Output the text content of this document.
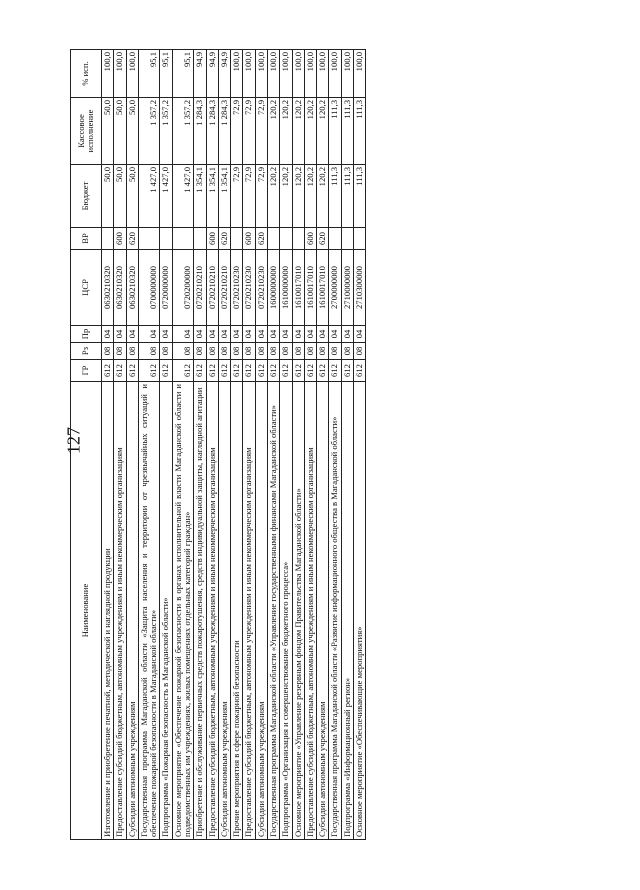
127
Наименование	ГР	Рз	Пр	ЦСР	ВР	Бюджет	Кассовое исполнение	% исп.
Изготовление и приобретение печатной, методической и наглядной продукции	612	08	04	0630210320		50,0	50,0	100,0
Предоставление субсидий бюджетным, автономным учреждениям и иным некоммерческим организациям	612	08	04	0630210320	600	50,0	50,0	100,0
Субсидии автономным учреждениям	612	08	04	0630210320	620	50,0	50,0	100,0
Государственная программа Магаданской области «Защита населения и территории от чрезвычайных ситуаций и обеспечение пожарной безопасности в Магаданской области»	612	08	04	0700000000		1 427,0	1 357,2	95,1
Подпрограмма «Пожарная безопасность в Магаданской области»	612	08	04	0720000000		1 427,0	1 357,2	95,1
Основное мероприятие «Обеспечение пожарной безопасности в органах исполнительной власти Магаданской области и подведомственных им учреждениях, жилых помещениях отдельных категорий граждан»	612	08	04	0720200000		1 427,0	1 357,2	95,1
Приобретение и обслуживание первичных средств пожаротушения, средств индивидуальной защиты, наглядной агитации	612	08	04	0720210210		1 354,1	1 284,3	94,9
Предоставление субсидий бюджетным, автономным учреждениям и иным некоммерческим организациям	612	08	04	0720210210	600	1 354,1	1 284,3	94,9
Субсидии автономным учреждениям	612	08	04	0720210210	620	1 354,1	1 284,3	94,9
Прочие мероприятия в сфере пожарной безопасности	612	08	04	0720210230		72,9	72,9	100,0
Предоставление субсидий бюджетным, автономным учреждениям и иным некоммерческим организациям	612	08	04	0720210230	600	72,9	72,9	100,0
Субсидии автономным учреждениям	612	08	04	0720210230	620	72,9	72,9	100,0
Государственная программа Магаданской области «Управление государственными финансами Магаданской области»	612	08	04	1600000000		120,2	120,2	100,0
Подпрограмма «Организация и совершенствование бюджетного процесса»	612	08	04	1610000000		120,2	120,2	100,0
Основное мероприятие «Управление резервным фондом Правительства Магаданской области»	612	08	04	1610017010		120,2	120,2	100,0
Предоставление субсидий бюджетным, автономным учреждениям и иным некоммерческим организациям	612	08	04	1610017010	600	120,2	120,2	100,0
Субсидии автономным учреждениям	612	08	04	1610017010	620	120,2	120,2	100,0
Государственная программа Магаданской области «Развитие информационного общества в Магаданской области»	612	08	04	2700000000		111,3	111,3	100,0
Подпрограмма «Информационный регион»	612	08	04	2710000000		111,3	111,3	100,0
Основное мероприятие «Обеспечивающие мероприятия»	612	08	04	2710300000		111,3	111,3	100,0
